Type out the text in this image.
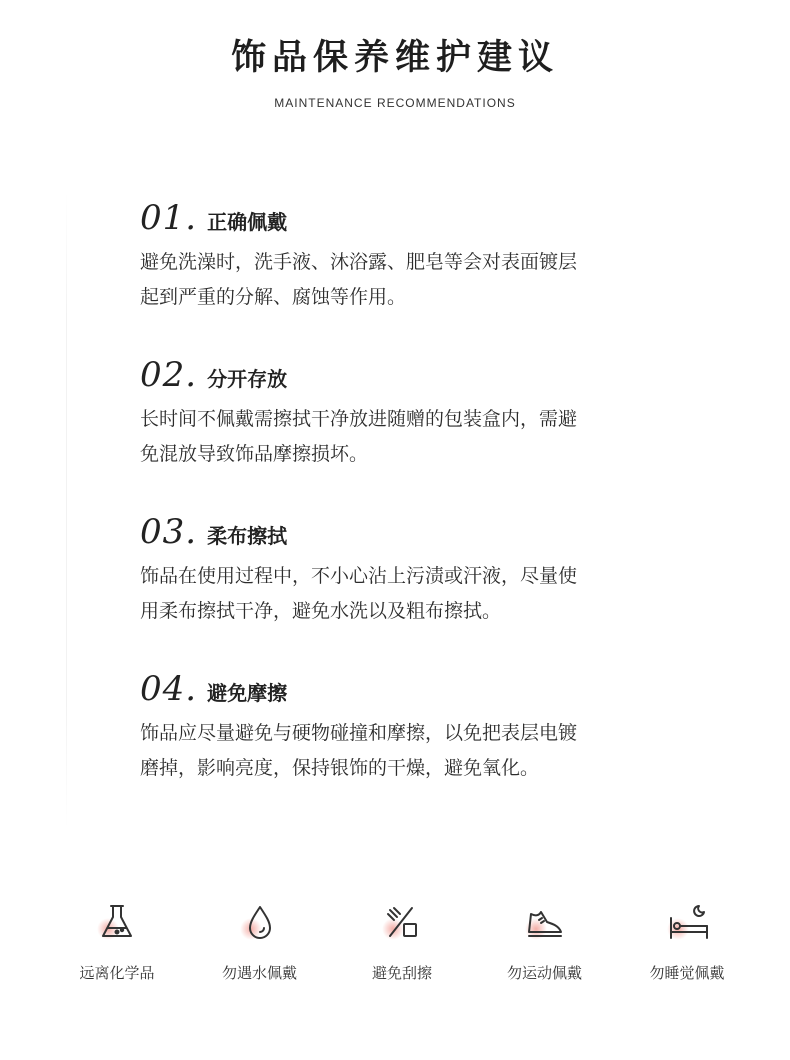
饰品保养维护建议
MAINTENANCE RECOMMENDATIONS
01. 正确佩戴
避免洗澡时，洗手液、沐浴露、肥皂等会对表面镀层
起到严重的分解、腐蚀等作用。
02. 分开存放
长时间不佩戴需擦拭干净放进随赠的包装盒内，需避
免混放导致饰品摩擦损坏。
03. 柔布擦拭
饰品在使用过程中，不小心沾上污渍或汗液，尽量使
用柔布擦拭干净，避免水洗以及粗布擦拭。
04. 避免摩擦
饰品应尽量避免与硬物碰撞和摩擦，以免把表层电镀
磨掉，影响亮度，保持银饰的干燥，避免氧化。
远离化学品	勿遇水佩戴	避免刮擦	勿运动佩戴	勿睡觉佩戴
